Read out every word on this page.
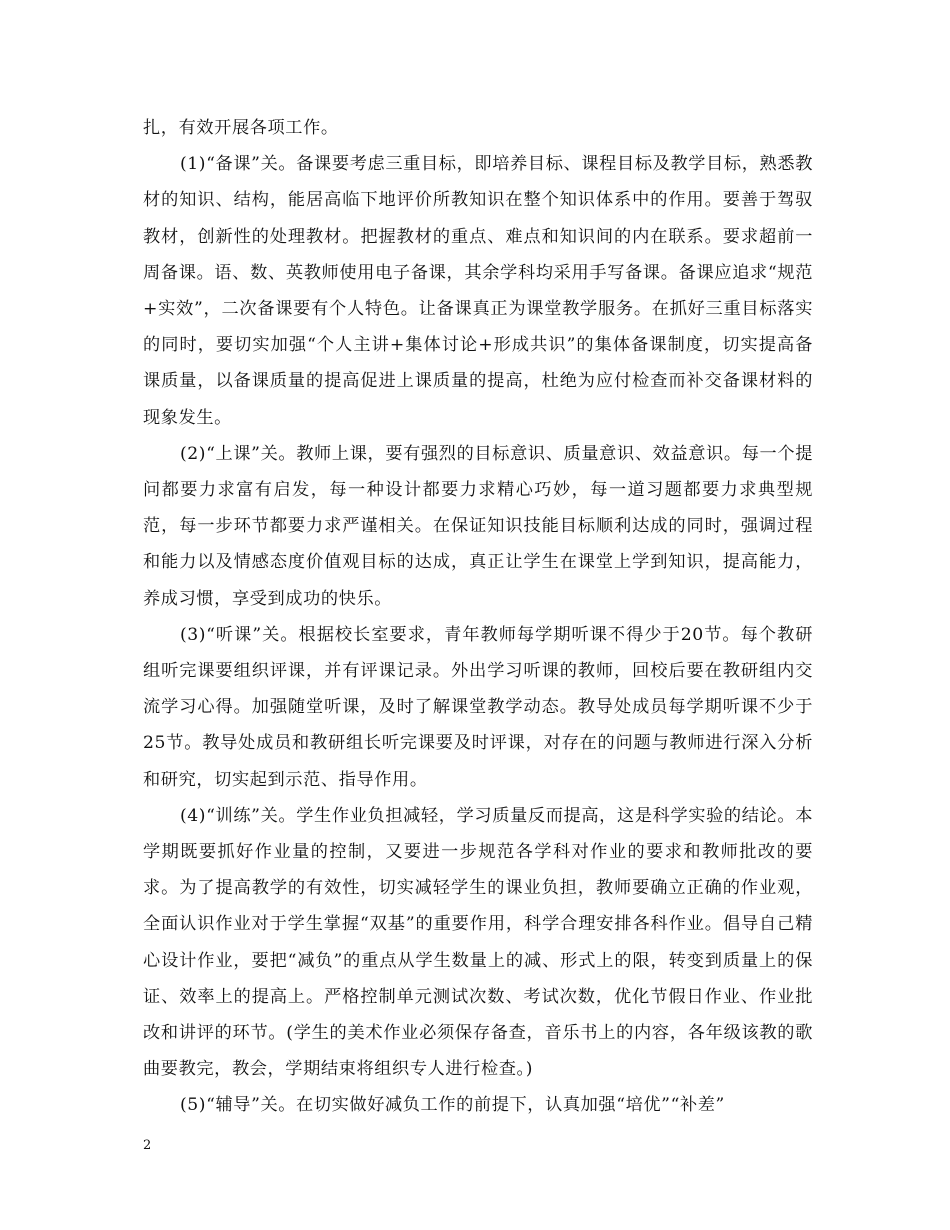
扎，有效开展各项工作。

(1)“备课”关。备课要考虑三重目标，即培养目标、课程目标及教学目标，熟悉教材的知识、结构，能居高临下地评价所教知识在整个知识体系中的作用。要善于驾驭教材，创新性的处理教材。把握教材的重点、难点和知识间的内在联系。要求超前一周备课。语、数、英教师使用电子备课，其余学科均采用手写备课。备课应追求“规范+实效”，二次备课要有个人特色。让备课真正为课堂教学服务。在抓好三重目标落实的同时，要切实加强“个人主讲+集体讨论+形成共识”的集体备课制度，切实提高备课质量，以备课质量的提高促进上课质量的提高，杜绝为应付检查而补交备课材料的现象发生。

(2)“上课”关。教师上课，要有强烈的目标意识、质量意识、效益意识。每一个提问都要力求富有启发，每一种设计都要力求精心巧妙，每一道习题都要力求典型规范，每一步环节都要力求严谨相关。在保证知识技能目标顺利达成的同时，强调过程和能力以及情感态度价值观目标的达成，真正让学生在课堂上学到知识，提高能力，养成习惯，享受到成功的快乐。

(3)“听课”关。根据校长室要求，青年教师每学期听课不得少于20节。每个教研组听完课要组织评课，并有评课记录。外出学习听课的教师，回校后要在教研组内交流学习心得。加强随堂听课，及时了解课堂教学动态。教导处成员每学期听课不少于25节。教导处成员和教研组长听完课要及时评课，对存在的问题与教师进行深入分析和研究，切实起到示范、指导作用。

(4)“训练”关。学生作业负担减轻，学习质量反而提高，这是科学实验的结论。本学期既要抓好作业量的控制，又要进一步规范各学科对作业的要求和教师批改的要求。为了提高教学的有效性，切实减轻学生的课业负担，教师要确立正确的作业观，全面认识作业对于学生掌握“双基”的重要作用，科学合理安排各科作业。倡导自己精心设计作业，要把“减负”的重点从学生数量上的减、形式上的限，转变到质量上的保证、效率上的提高上。严格控制单元测试次数、考试次数，优化节假日作业、作业批改和讲评的环节。(学生的美术作业必须保存备查，音乐书上的内容，各年级该教的歌曲要教完，教会，学期结束将组织专人进行检查。)

(5)“辅导”关。在切实做好减负工作的前提下，认真加强“培优”“补差”

2
